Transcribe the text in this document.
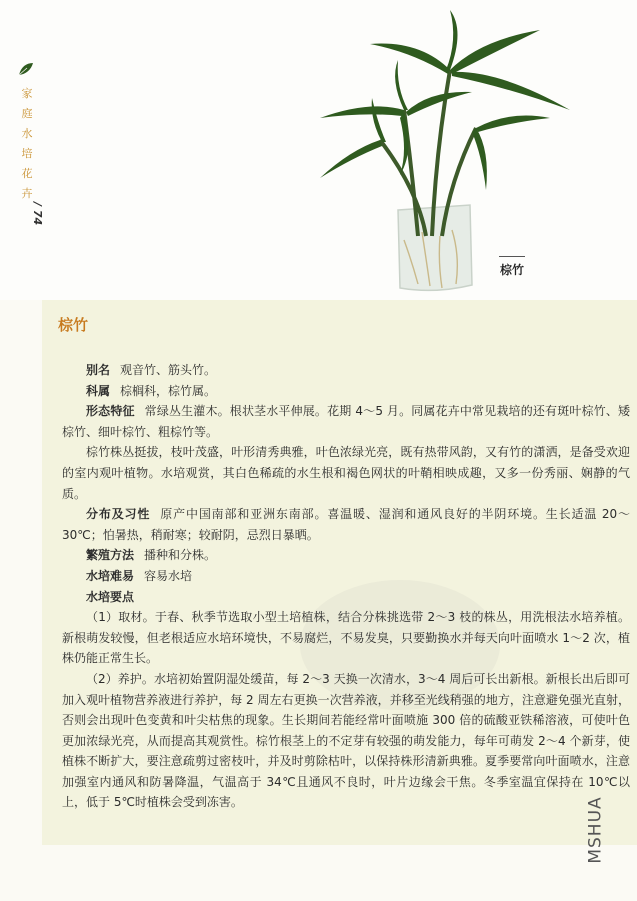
家
庭
水
培
花
卉
/ 74
棕竹
棕竹

别名 观音竹、筋头竹。

科属 棕榈科，棕竹属。

形态特征 常绿丛生灌木。根状茎水平伸展。花期 4～5 月。同属花卉中常见栽培的还有斑叶棕竹、矮棕竹、细叶棕竹、粗棕竹等。

棕竹株丛挺拔，枝叶茂盛，叶形清秀典雅，叶色浓绿光亮，既有热带风韵，又有竹的潇洒，是备受欢迎的室内观叶植物。水培观赏，其白色稀疏的水生根和褐色网状的叶鞘相映成趣，又多一份秀丽、娴静的气质。

分布及习性 原产中国南部和亚洲东南部。喜温暖、湿润和通风良好的半阴环境。生长适温 20～30℃；怕暑热，稍耐寒；较耐阴，忌烈日暴晒。

繁殖方法 播种和分株。

水培难易 容易水培

水培要点

（1）取材。于春、秋季节选取小型土培植株，结合分株挑选带 2～3 枝的株丛，用洗根法水培养植。新根萌发较慢，但老根适应水培环境快，不易腐烂，不易发臭，只要勤换水并每天向叶面喷水 1～2 次，植株仍能正常生长。

（2）养护。水培初始置阴湿处缓苗，每 2～3 天换一次清水，3～4 周后可长出新根。新根长出后即可加入观叶植物营养液进行养护，每 2 周左右更换一次营养液，并移至光线稍强的地方，注意避免强光直射，否则会出现叶色变黄和叶尖枯焦的现象。生长期间若能经常叶面喷施 300 倍的硫酸亚铁稀溶液，可使叶色更加浓绿光亮，从而提高其观赏性。棕竹根茎上的不定芽有较强的萌发能力，每年可萌发 2～4 个新芽，使植株不断扩大，要注意疏剪过密枝叶，并及时剪除枯叶，以保持株形清新典雅。夏季要常向叶面喷水，注意加强室内通风和防暑降温，气温高于 34℃且通风不良时，叶片边缘会干焦。冬季室温宜保持在 10℃以上，低于 5℃时植株会受到冻害。	MSHUA
